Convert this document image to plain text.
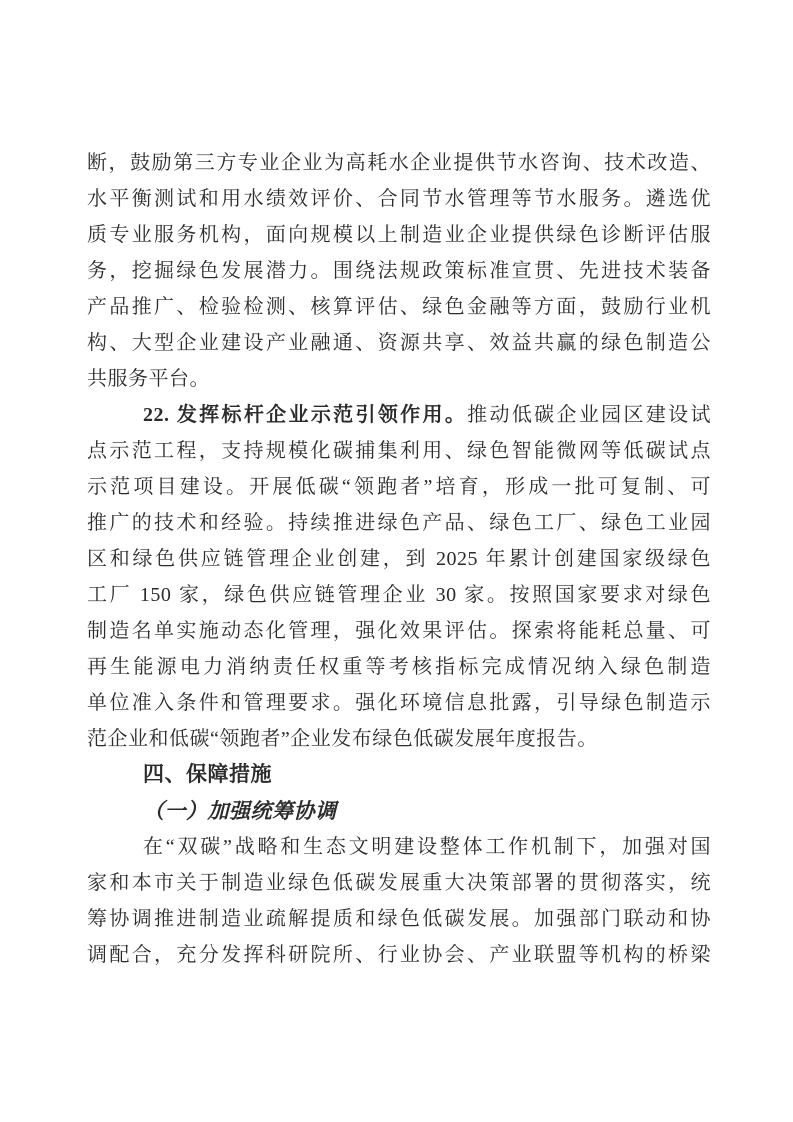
断，鼓励第三方专业企业为高耗水企业提供节水咨询、技术改造、
水平衡测试和用水绩效评价、合同节水管理等节水服务。遴选优
质专业服务机构，面向规模以上制造业企业提供绿色诊断评估服
务，挖掘绿色发展潜力。围绕法规政策标准宣贯、先进技术装备
产品推广、检验检测、核算评估、绿色金融等方面，鼓励行业机
构、大型企业建设产业融通、资源共享、效益共赢的绿色制造公
共服务平台。
22. 发挥标杆企业示范引领作用。推动低碳企业园区建设试
点示范工程，支持规模化碳捕集利用、绿色智能微网等低碳试点
示范项目建设。开展低碳“领跑者”培育，形成一批可复制、可
推广的技术和经验。持续推进绿色产品、绿色工厂、绿色工业园
区和绿色供应链管理企业创建，到 2025 年累计创建国家级绿色
工厂 150 家，绿色供应链管理企业 30 家。按照国家要求对绿色
制造名单实施动态化管理，强化效果评估。探索将能耗总量、可
再生能源电力消纳责任权重等考核指标完成情况纳入绿色制造
单位准入条件和管理要求。强化环境信息批露，引导绿色制造示
范企业和低碳“领跑者”企业发布绿色低碳发展年度报告。
四、保障措施
（一）加强统筹协调
在“双碳”战略和生态文明建设整体工作机制下，加强对国
家和本市关于制造业绿色低碳发展重大决策部署的贯彻落实，统
筹协调推进制造业疏解提质和绿色低碳发展。加强部门联动和协
调配合，充分发挥科研院所、行业协会、产业联盟等机构的桥梁
